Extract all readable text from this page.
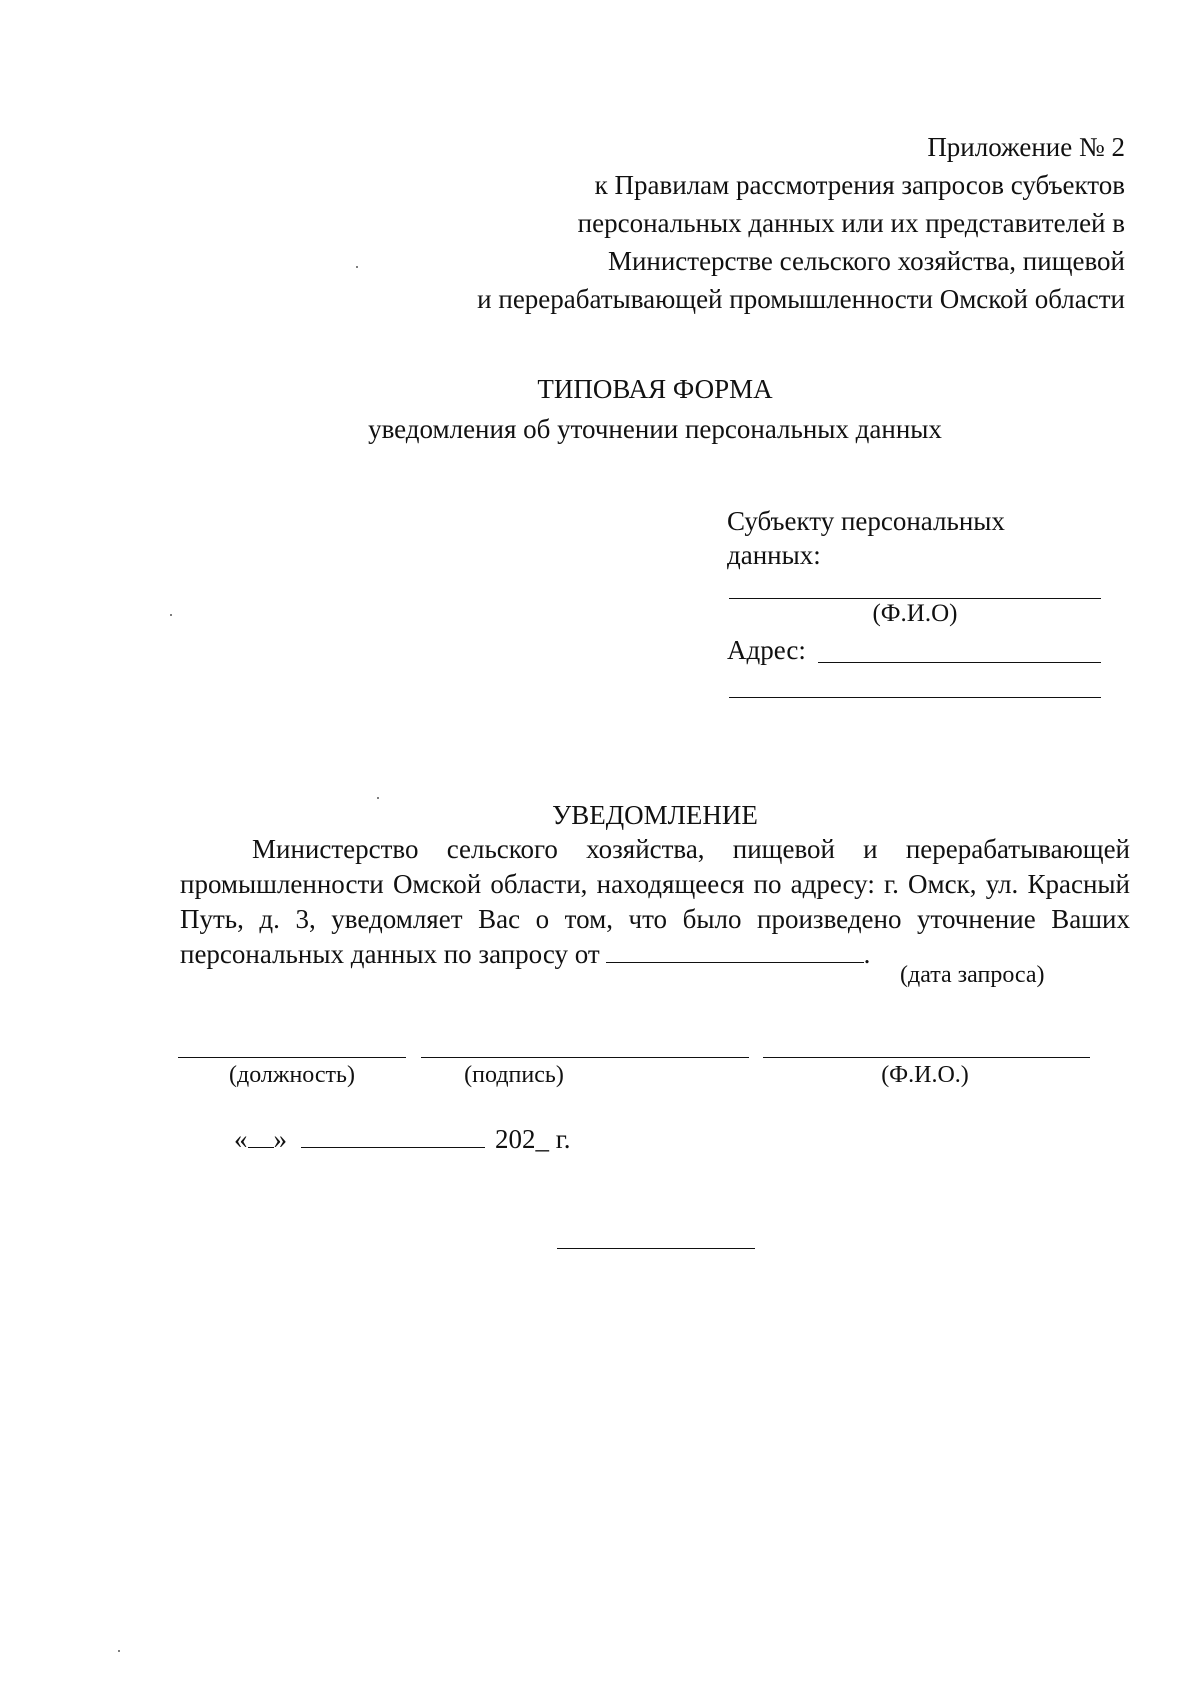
Приложение № 2
к Правилам рассмотрения запросов субъектов
персональных данных или их представителей в
Министерстве сельского хозяйства, пищевой
и перерабатывающей промышленности Омской области
ТИПОВАЯ ФОРМА
уведомления об уточнении персональных данных
Субъекту персональных
данных:
(Ф.И.О)
Адрес:
УВЕДОМЛЕНИЕ
Министерство сельского хозяйства, пищевой и перерабатывающей промышленности Омской области, находящееся по адресу: г. Омск, ул. Красный Путь, д. 3, уведомляет Вас о том, что было произведено уточнение Ваших персональных данных по запросу от	.
(дата запроса)
(должность)	(подпись)	(Ф.И.О.)
« »	202_ г.
